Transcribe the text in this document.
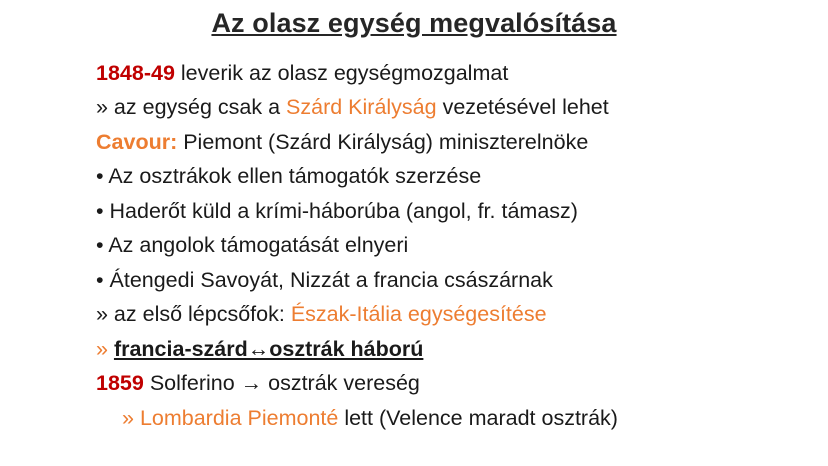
Az olasz egység megvalósítása
1848-49 leverik az olasz egységmozgalmat
» az egység csak a Szárd Királyság vezetésével lehet
Cavour: Piemont (Szárd Királyság) miniszterelnöke
• Az osztrákok ellen támogatók szerzése
• Haderőt küld a krími-háborúba (angol, fr. támasz)
• Az angolok támogatását elnyeri
• Átengedi Savoyát, Nizzát a francia császárnak
» az első lépcsőfok: Észak-Itália egységesítése
» francia-szárd↔osztrák háború
1859 Solferino → osztrák vereség
» Lombardia Piemonté lett (Velence maradt osztrák)
